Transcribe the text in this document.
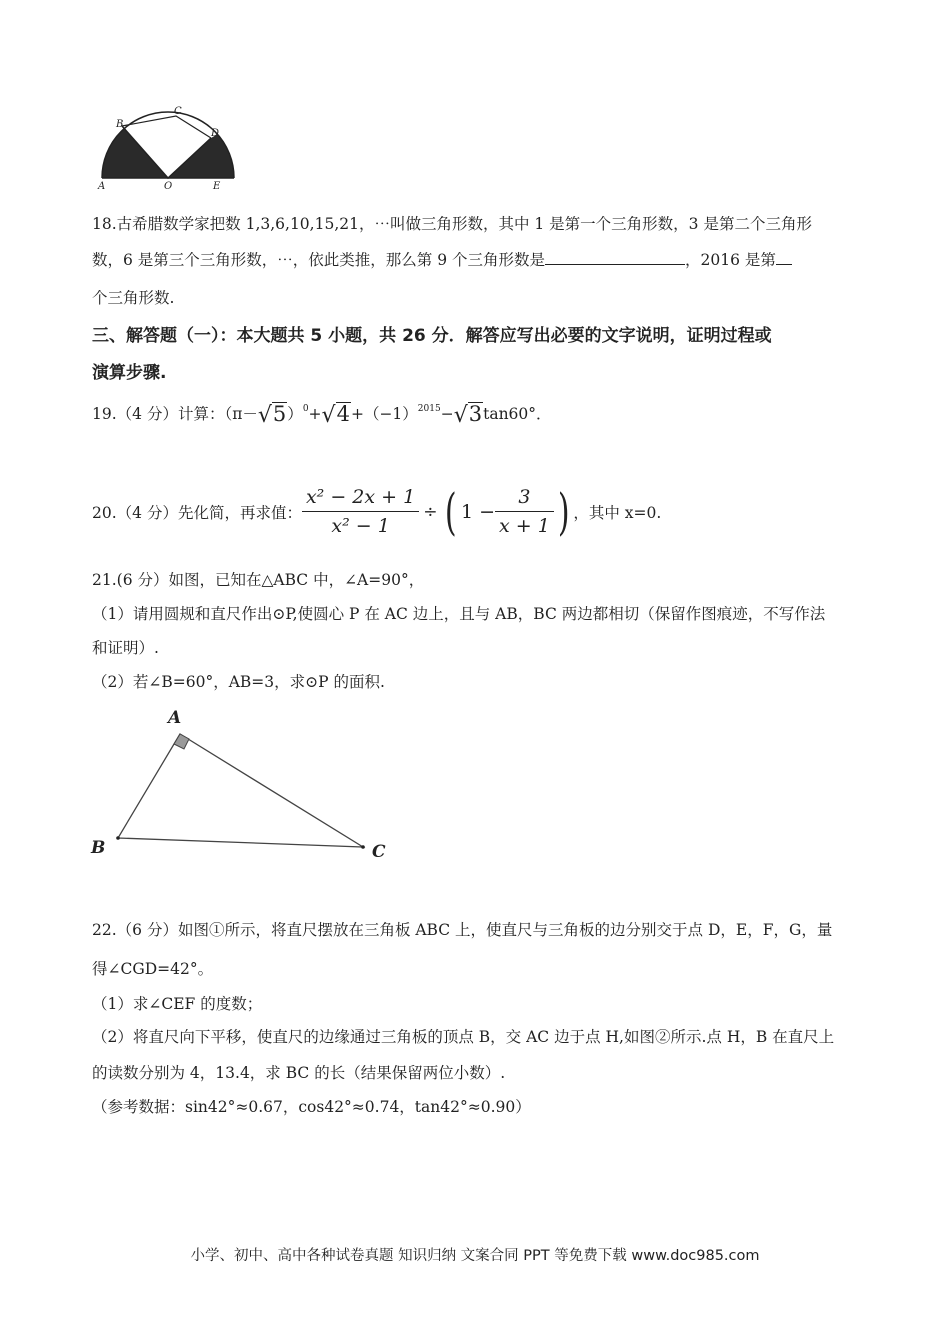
B
C
D
A	O	E
18.古希腊数学家把数 1,3,6,10,15,21，⋯叫做三角形数，其中 1 是第一个三角形数，3 是第二个三角形
数，6 是第三个三角形数，⋯，依此类推，那么第 9 个三角形数是	，2016 是第
个三角形数.
三、解答题（一）：本大题共 5 小题，共 26 分．解答应写出必要的文字说明，证明过程或
演算步骤.
19.（4 分）计算：$(\pi-√5)^0+√4+(-1)^{2015}-√3\tan 60^\circ$．
20.（4 分）先化简，再求值： $\frac{\text{x² − 2x + 1}}{\text{x² − 1}}$ ÷ ( $1 - \frac{3}{x + 1}$ ) ，其中 x=0.
21.(6 分）如图，已知在△ABC 中，∠A=90°，
（1）请用圆规和直尺作出⊙P,使圆心 P 在 AC 边上，且与 AB，BC 两边都相切（保留作图痕迹，不写作法
和证明）.
（2）若∠B=60°，AB=3，求⊙P 的面积.
A
B	C
22.（6 分）如图①所示，将直尺摆放在三角板 ABC 上，使直尺与三角板的边分别交于点 D，E，F，G，量
得∠CGD=42°。
（1）求∠CEF 的度数；
（2）将直尺向下平移，使直尺的边缘通过三角板的顶点 B，交 AC 边于点 H,如图②所示.点 H，B 在直尺上
的读数分别为 4，13.4，求 BC 的长（结果保留两位小数）.
（参考数据：sin42°≈0.67，cos42°≈0.74，tan42°≈0.90）
小学、初中、高中各种试卷真题 知识归纳 文案合同 PPT 等免费下载 www.doc985.com
